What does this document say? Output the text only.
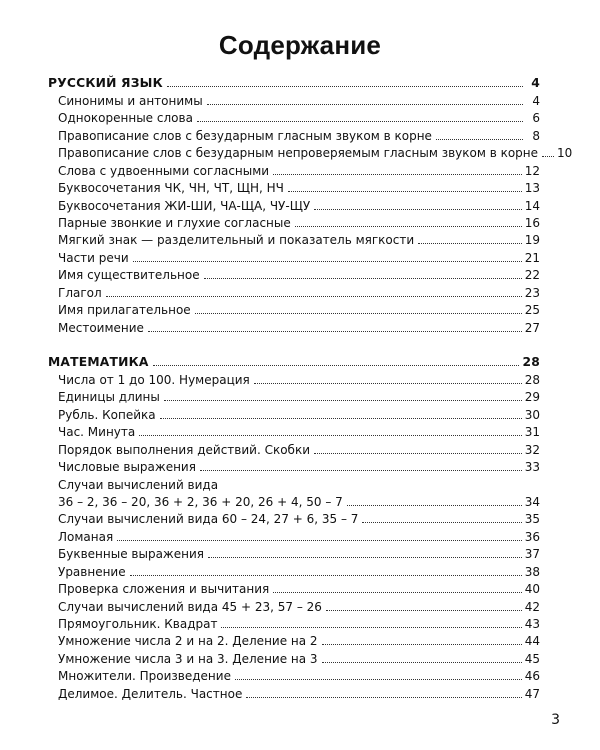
Содержание
РУССКИЙ ЯЗЫК	4
Синонимы и антонимы	4
Однокоренные слова	6
Правописание слов с безударным гласным звуком в корне	8
Правописание слов с безударным непроверяемым гласным звуком в корне	10
Слова с удвоенными согласными	12
Буквосочетания ЧК, ЧН, ЧТ, ЩН, НЧ	13
Буквосочетания ЖИ-ШИ, ЧА-ЩА, ЧУ-ЩУ	14
Парные звонкие и глухие согласные	16
Мягкий знак — разделительный и показатель мягкости	19
Части речи	21
Имя существительное	22
Глагол	23
Имя прилагательное	25
Местоимение	27
МАТЕМАТИКА	28
Числа от 1 до 100. Нумерация	28
Единицы длины	29
Рубль. Копейка	30
Час. Минута	31
Порядок выполнения действий. Скобки	32
Числовые выражения	33
Случаи вычислений вида
36 – 2, 36 – 20, 36 + 2, 36 + 20, 26 + 4, 50 – 7	34
Случаи вычислений вида 60 – 24, 27 + 6, 35 – 7	35
Ломаная	36
Буквенные выражения	37
Уравнение	38
Проверка сложения и вычитания	40
Случаи вычислений вида 45 + 23, 57 – 26	42
Прямоугольник. Квадрат	43
Умножение числа 2 и на 2. Деление на 2	44
Умножение числа 3 и на 3. Деление на 3	45
Множители. Произведение	46
Делимое. Делитель. Частное	47
3
